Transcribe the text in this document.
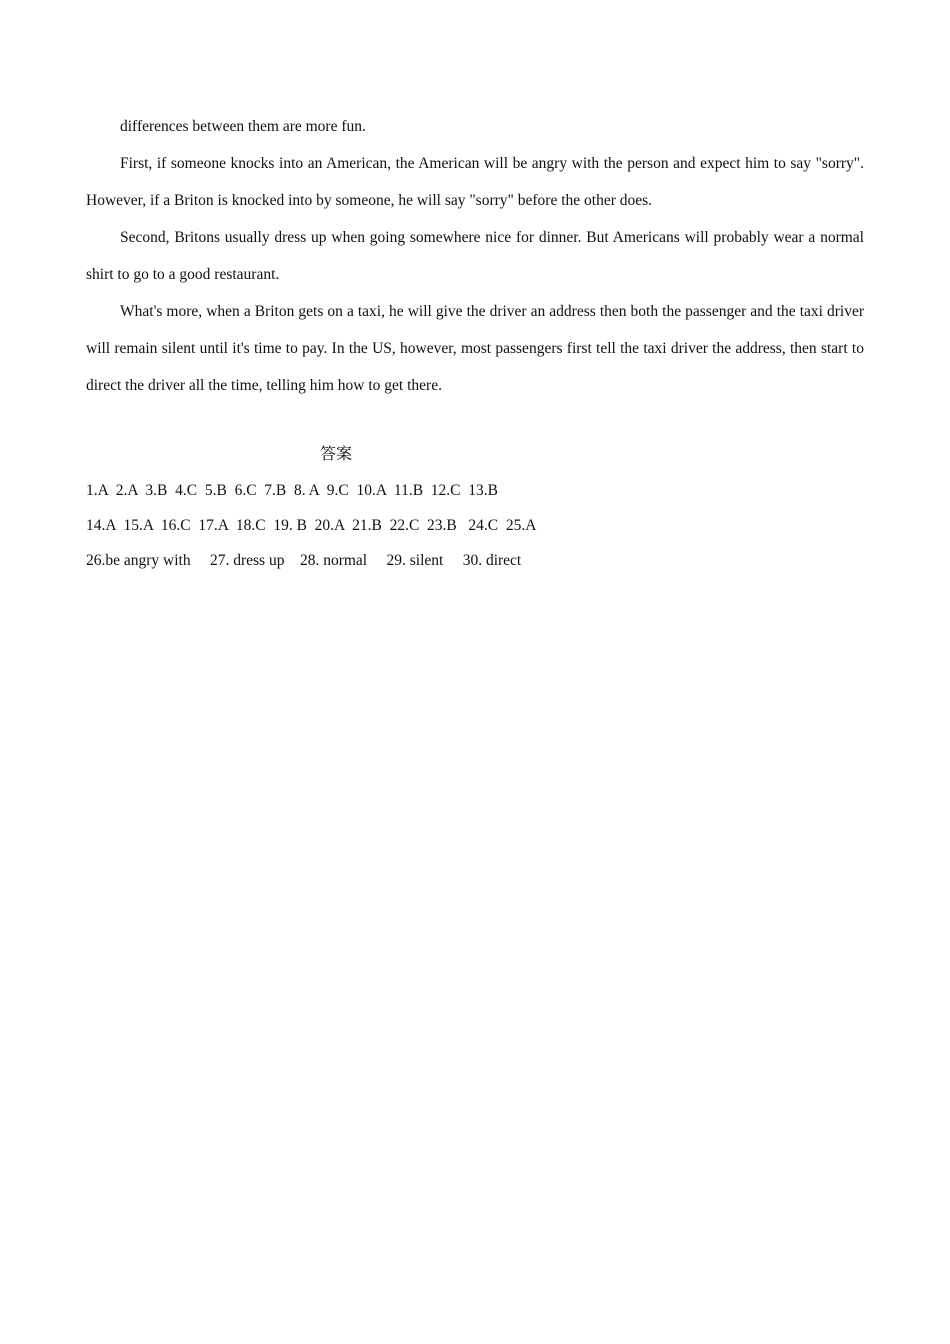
differences between them are more fun.

First, if someone knocks into an American, the American will be angry with the person and expect him to say "sorry". However, if a Briton is knocked into by someone, he will say "sorry" before the other does.

Second, Britons usually dress up when going somewhere nice for dinner. But Americans will probably wear a normal shirt to go to a good restaurant.

What's more, when a Briton gets on a taxi, he will give the driver an address then both the passenger and the taxi driver will remain silent until it's time to pay. In the US, however, most passengers first tell the taxi driver the address, then start to direct the driver all the time, telling him how to get there.

答案
1.A  2.A  3.B  4.C  5.B  6.C  7.B  8. A  9.C  10.A  11.B  12.C  13.B
14.A  15.A  16.C  17.A  18.C  19. B  20.A  21.B  22.C  23.B   24.C  25.A
26.be angry with     27. dress up    28. normal     29. silent     30. direct
